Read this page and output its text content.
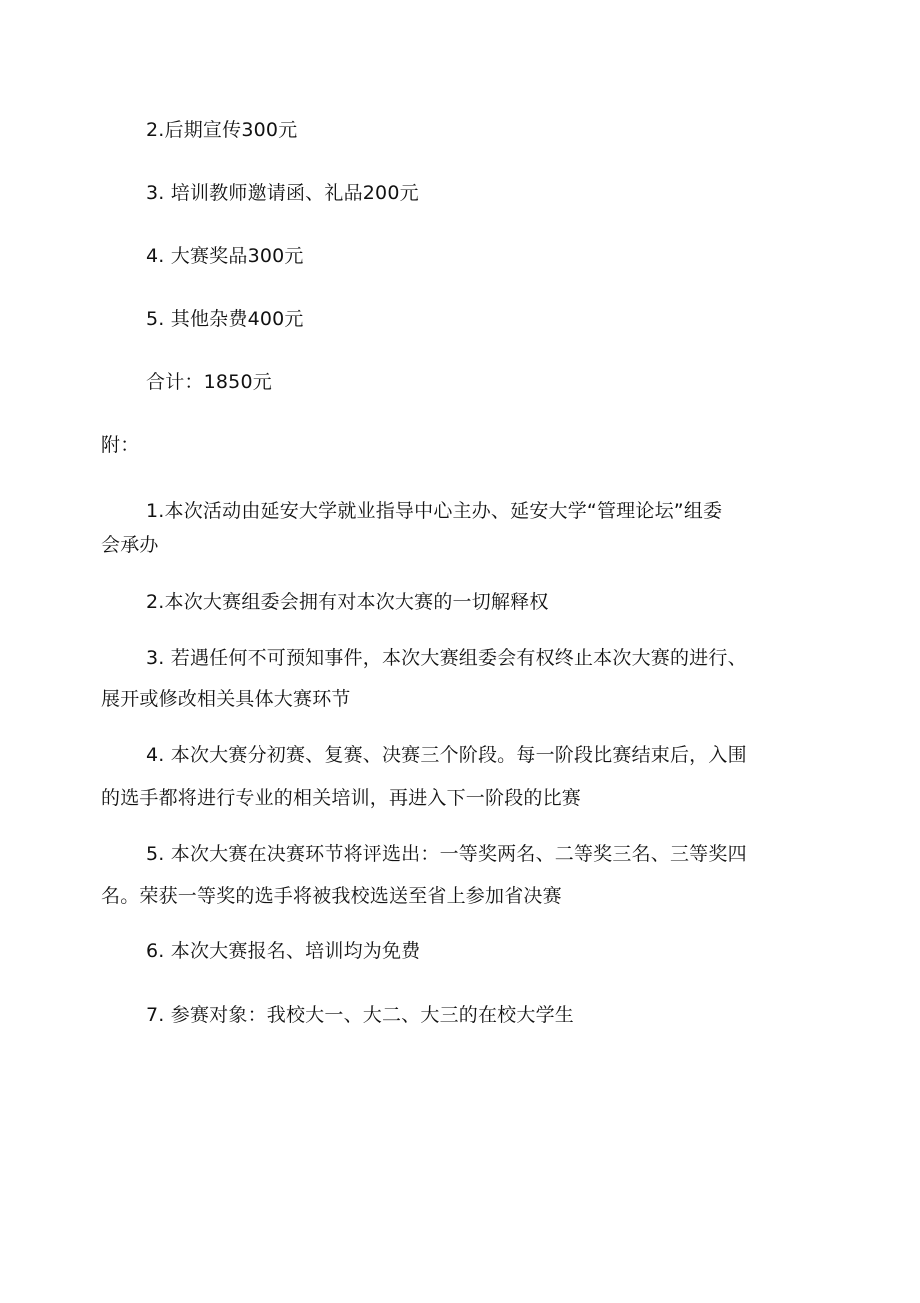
2.后期宣传300元
3. 培训教师邀请函、礼品200元
4. 大赛奖品300元
5. 其他杂费400元
合计：1850元
附：
1.本次活动由延安大学就业指导中心主办、延安大学“管理论坛”组委
会承办
2.本次大赛组委会拥有对本次大赛的一切解释权
3. 若遇任何不可预知事件，本次大赛组委会有权终止本次大赛的进行、
展开或修改相关具体大赛环节
4. 本次大赛分初赛、复赛、决赛三个阶段。每一阶段比赛结束后，入围
的选手都将进行专业的相关培训，再进入下一阶段的比赛
5. 本次大赛在决赛环节将评选出：一等奖两名、二等奖三名、三等奖四
名。荣获一等奖的选手将被我校选送至省上参加省决赛
6. 本次大赛报名、培训均为免费
7. 参赛对象：我校大一、大二、大三的在校大学生
